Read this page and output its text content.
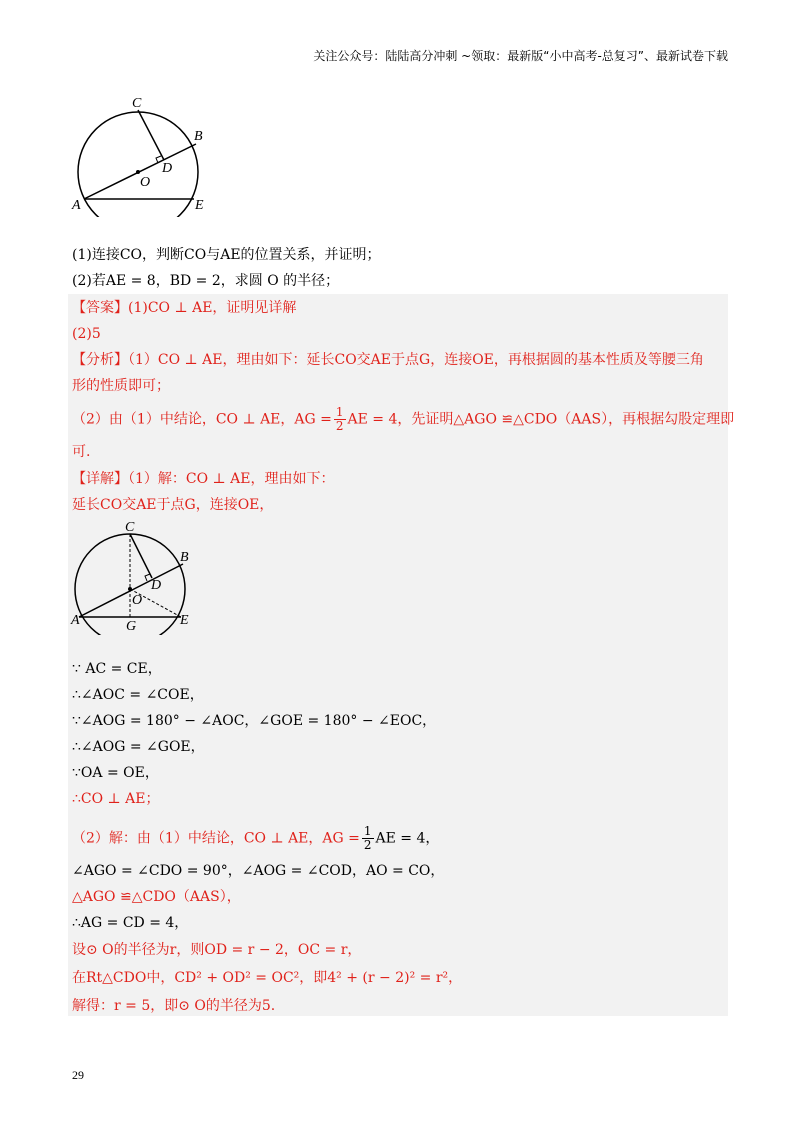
关注公众号：陆陆高分冲刺 ~领取：最新版“小中高考-总复习”、最新试卷下载
C
B
D
O
A	E
(1)连接CO，判断CO与AE的位置关系，并证明；
(2)若AE = 8，BD = 2，求圆 O 的半径；
【答案】(1)CO ⊥ AE，证明见详解
(2)5
【分析】（1）CO ⊥ AE，理由如下：延长CO交AE于点G，连接OE，再根据圆的基本性质及等腰三角
形的性质即可；
（2）由（1）中结论，CO ⊥ AE，AG = $\frac{1}{2}$ AE = 4，先证明△AGO ≌△CDO（AAS），再根据勾股定理即
可.
【详解】（1）解：CO ⊥ AE，理由如下：
延长CO交AE于点G，连接OE，
C
B
D
O
A	G	E
∵ AC = CE，
∴∠AOC = ∠COE，
∵∠AOG = 180° − ∠AOC，∠GOE = 180° − ∠EOC，
∴∠AOG = ∠GOE，
∵OA = OE，
∴CO ⊥ AE；
（2）解：由（1）中结论，CO ⊥ AE，AG = $\frac{1}{2}$ AE = 4，
∠AGO = ∠CDO = 90°，∠AOG = ∠COD，AO = CO，
△AGO ≌△CDO（AAS），
∴AG = CD = 4，
设⊙ O的半径为r，则OD = r − 2，OC = r，
在Rt△CDO中，CD² + OD² = OC²，即4² + (r − 2)² = r²，
解得：r = 5，即⊙ O的半径为5.
29
